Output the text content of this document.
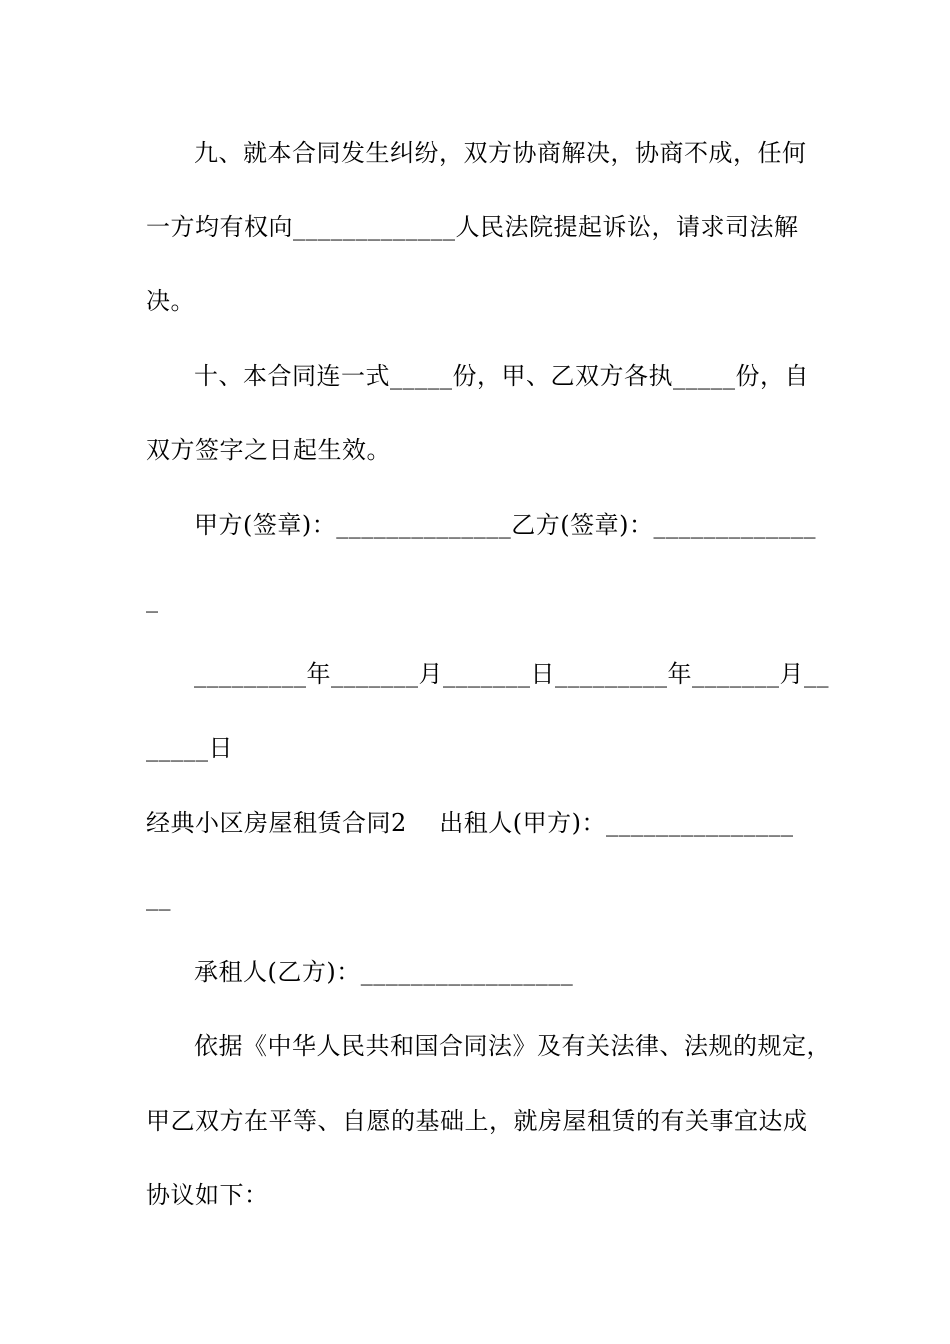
九、就本合同发生纠纷，双方协商解决，协商不成，任何
一方均有权向_____________人民法院提起诉讼，请求司法解
决。
十、本合同连一式_____份，甲、乙双方各执_____份，自
双方签字之日起生效。
甲方(签章)：______________乙方(签章)：_____________
_
_________年_______月_______日_________年_______月__
_____日
经典小区房屋租赁合同2    出租人(甲方)：_______________
__
承租人(乙方)：_________________
依据《中华人民共和国合同法》及有关法律、法规的规定，
甲乙双方在平等、自愿的基础上，就房屋租赁的有关事宜达成
协议如下：
